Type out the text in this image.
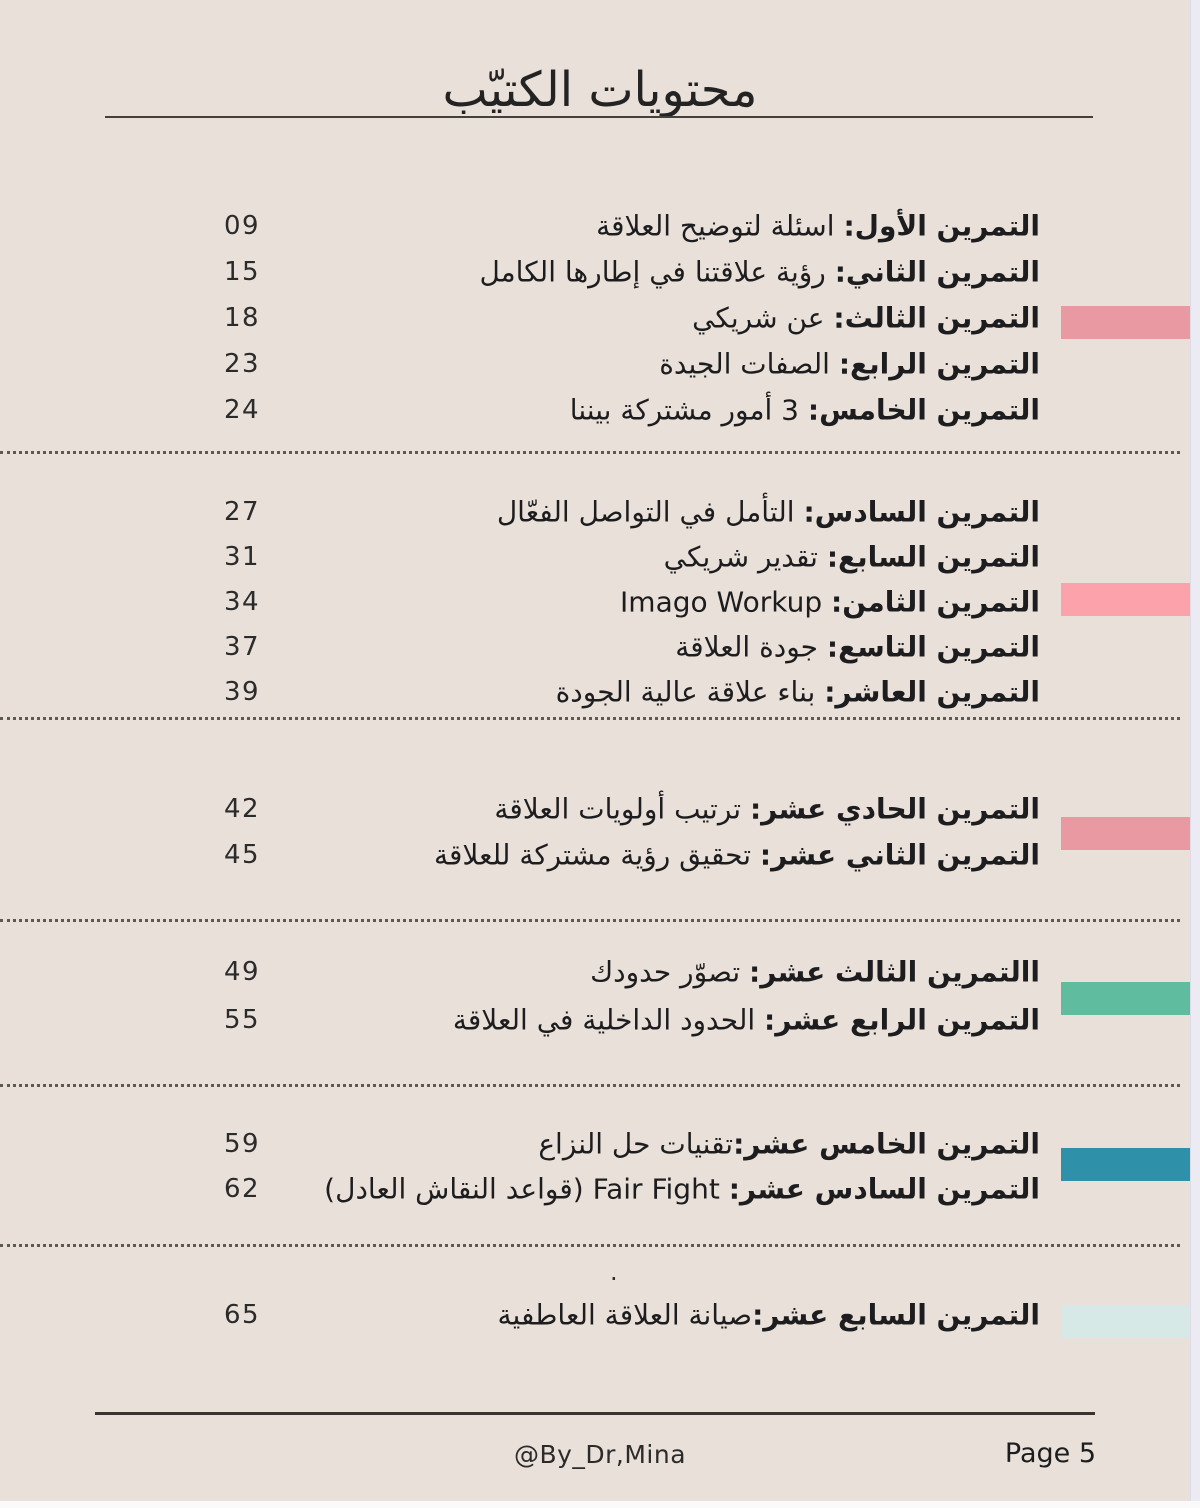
محتويات الكتيّب
09	التمرين الأول: اسئلة لتوضيح العلاقة
15	التمرين الثاني: رؤية علاقتنا في إطارها الكامل
18	التمرين الثالث: عن شريكي
23	التمرين الرابع: الصفات الجيدة
24	التمرين الخامس: 3 أمور مشتركة بيننا
27	التمرين السادس: التأمل في التواصل الفعّال
31	التمرين السابع: تقدير شريكي
34	التمرين الثامن: Imago Workup
37	التمرين التاسع: جودة العلاقة
39	التمرين العاشر: بناء علاقة عالية الجودة
42	التمرين الحادي عشر: ترتيب أولويات العلاقة
45	التمرين الثاني عشر: تحقيق رؤية مشتركة للعلاقة
49	االتمرين الثالث عشر: تصوّر حدودك
55	التمرين الرابع عشر: الحدود الداخلية في العلاقة
59	التمرين الخامس عشر:تقنيات حل النزاع
62	التمرين السادس عشر: Fair Fight (قواعد النقاش العادل)
.
65	التمرين السابع عشر:صيانة العلاقة العاطفية
@By_Dr,Mina	Page 5
